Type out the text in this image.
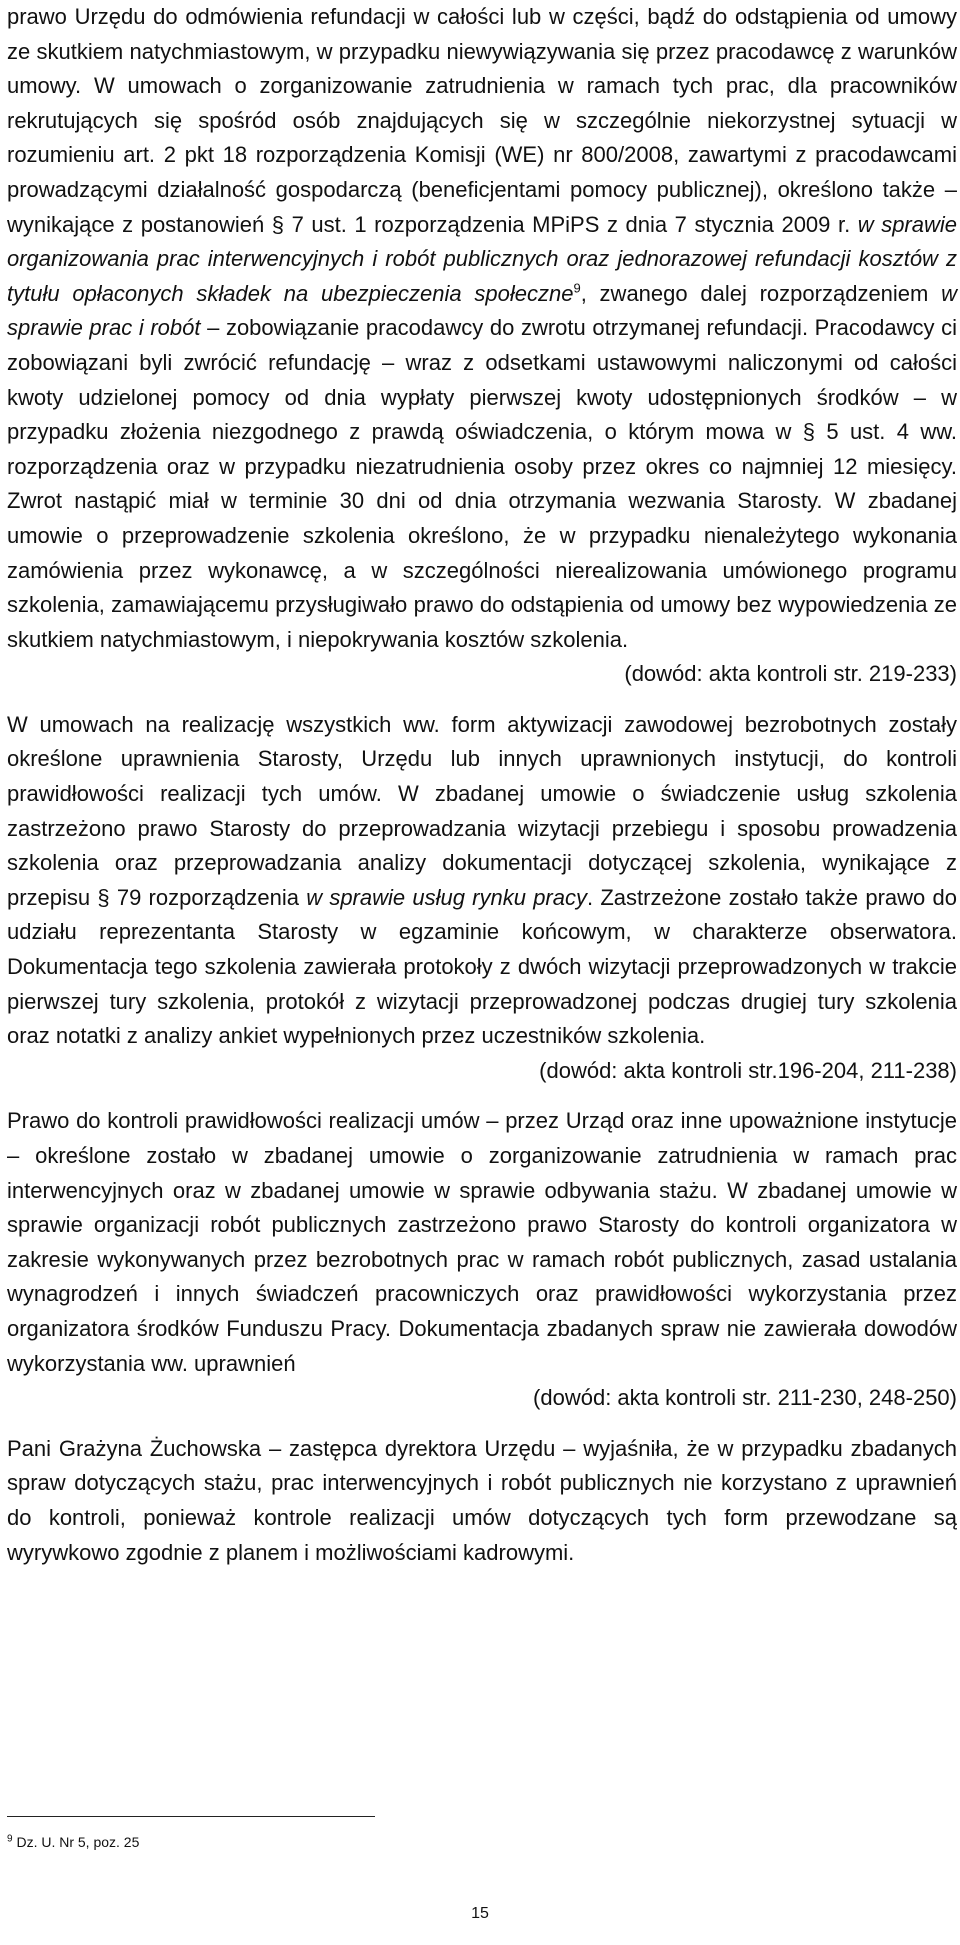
prawo Urzędu do odmówienia refundacji w całości lub w części, bądź do odstąpienia od umowy ze skutkiem natychmiastowym, w przypadku niewywiązywania się przez pracodawcę z warunków umowy. W umowach o zorganizowanie zatrudnienia w ramach tych prac, dla pracowników rekrutujących się spośród osób znajdujących się w szczególnie niekorzystnej sytuacji w rozumieniu art. 2 pkt 18 rozporządzenia Komisji (WE) nr 800/2008, zawartymi z pracodawcami prowadzącymi działalność gospodarczą (beneficjentami pomocy publicznej), określono także – wynikające z postanowień § 7 ust. 1 rozporządzenia MPiPS z dnia 7 stycznia 2009 r. w sprawie organizowania prac interwencyjnych i robót publicznych oraz jednorazowej refundacji kosztów z tytułu opłaconych składek na ubezpieczenia społeczne$^9$, zwanego dalej rozporządzeniem w sprawie prac i robót – zobowiązanie pracodawcy do zwrotu otrzymanej refundacji. Pracodawcy ci zobowiązani byli zwrócić refundację – wraz z odsetkami ustawowymi naliczonymi od całości kwoty udzielonej pomocy od dnia wypłaty pierwszej kwoty udostępnionych środków – w przypadku złożenia niezgodnego z prawdą oświadczenia, o którym mowa w § 5 ust. 4 ww. rozporządzenia oraz w przypadku niezatrudnienia osoby przez okres co najmniej 12 miesięcy. Zwrot nastąpić miał w terminie 30 dni od dnia otrzymania wezwania Starosty. W zbadanej umowie o przeprowadzenie szkolenia określono, że w przypadku nienależytego wykonania zamówienia przez wykonawcę, a w szczególności nierealizowania umówionego programu szkolenia, zamawiającemu przysługiwało prawo do odstąpienia od umowy bez wypowiedzenia ze skutkiem natychmiastowym, i niepokrywania kosztów szkolenia.

(dowód: akta kontroli str. 219-233)

W umowach na realizację wszystkich ww. form aktywizacji zawodowej bezrobotnych zostały określone uprawnienia Starosty, Urzędu lub innych uprawnionych instytucji, do kontroli prawidłowości realizacji tych umów. W zbadanej umowie o świadczenie usług szkolenia zastrzeżono prawo Starosty do przeprowadzania wizytacji przebiegu i sposobu prowadzenia szkolenia oraz przeprowadzania analizy dokumentacji dotyczącej szkolenia, wynikające z przepisu § 79 rozporządzenia w sprawie usług rynku pracy. Zastrzeżone zostało także prawo do udziału reprezentanta Starosty w egzaminie końcowym, w charakterze obserwatora. Dokumentacja tego szkolenia zawierała protokoły z dwóch wizytacji przeprowadzonych w trakcie pierwszej tury szkolenia, protokół z wizytacji przeprowadzonej podczas drugiej tury szkolenia oraz notatki z analizy ankiet wypełnionych przez uczestników szkolenia.

(dowód: akta kontroli str.196-204, 211-238)

Prawo do kontroli prawidłowości realizacji umów – przez Urząd oraz inne upoważnione instytucje – określone zostało w zbadanej umowie o zorganizowanie zatrudnienia w ramach prac interwencyjnych oraz w zbadanej umowie w sprawie odbywania stażu. W zbadanej umowie w sprawie organizacji robót publicznych zastrzeżono prawo Starosty do kontroli organizatora w zakresie wykonywanych przez bezrobotnych prac w ramach robót publicznych, zasad ustalania wynagrodzeń i innych świadczeń pracowniczych oraz prawidłowości wykorzystania przez organizatora środków Funduszu Pracy. Dokumentacja zbadanych spraw nie zawierała dowodów wykorzystania ww. uprawnień

(dowód: akta kontroli str. 211-230, 248-250)

Pani Grażyna Żuchowska – zastępca dyrektora Urzędu – wyjaśniła, że w przypadku zbadanych spraw dotyczących stażu, prac interwencyjnych i robót publicznych nie korzystano z uprawnień do kontroli, ponieważ kontrole realizacji umów dotyczących tych form przewodzane są wyrywkowo zgodnie z planem i możliwościami kadrowymi.

$^9$ Dz. U. Nr 5, poz. 25
15
